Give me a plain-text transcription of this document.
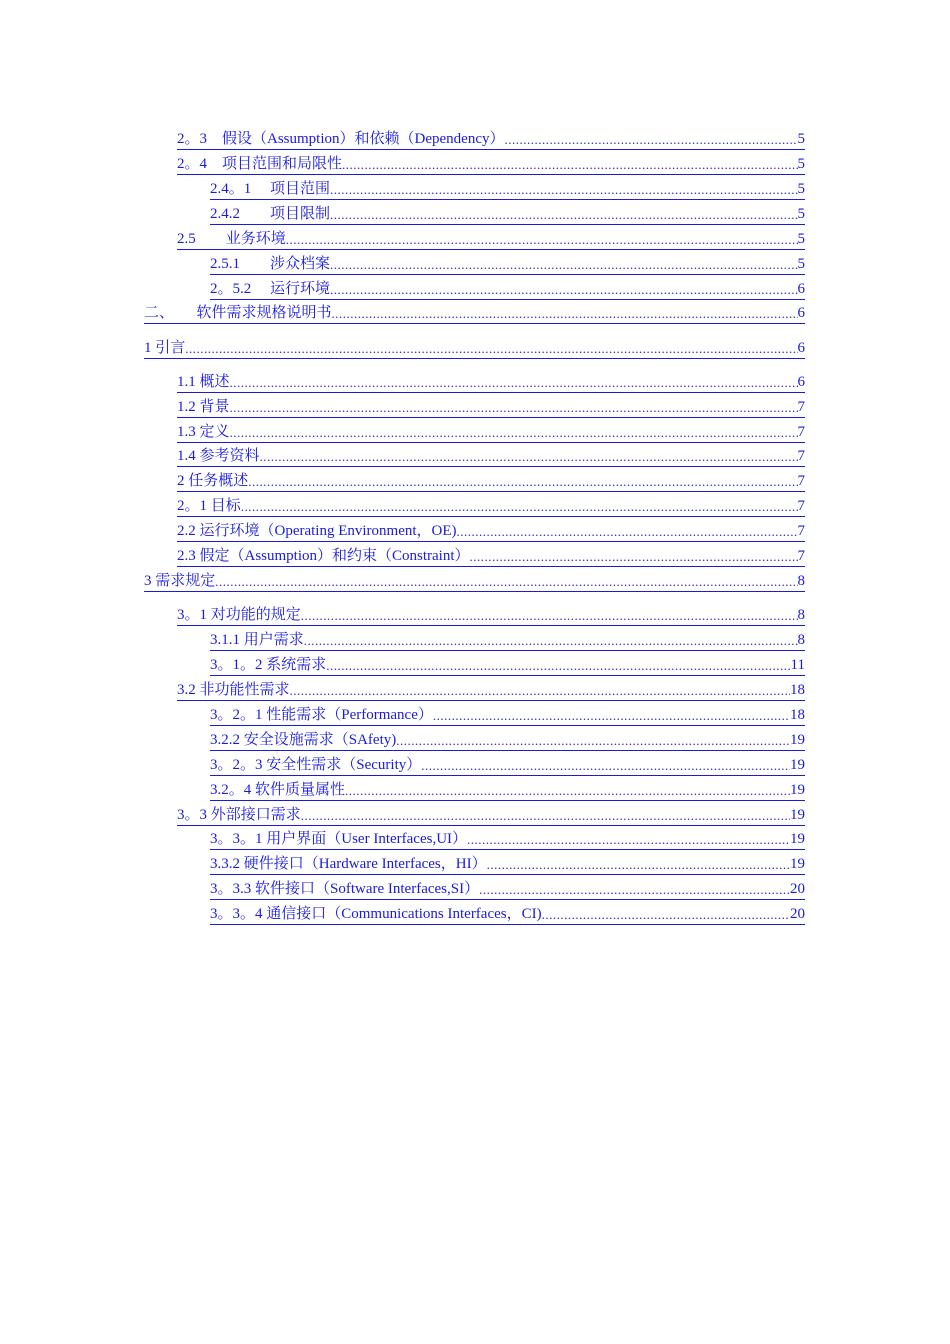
2。3　假设（Assumption）和依赖（Dependency） .....	5
2。4　项目范围和局限性 .....	5
2.4。1　 项目范围 .....	5
2.4.2　　项目限制 .....	5
2.5　　业务环境 .....	5
2.5.1　　涉众档案 .....	5
2。5.2　 运行环境 .....	6
二、　　软件需求规格说明书 .....	6
1 引言 .....	6
1.1 概述 .....	6
1.2 背景 .....	7
1.3 定义 .....	7
1.4 参考资料 .....	7
2 任务概述 .....	7
2。1 目标 .....	7
2.2 运行环境（Operating Environment，OE) .....	7
2.3 假定（Assumption）和约束（Constraint） .....	7
3 需求规定 .....	8
3。1 对功能的规定 .....	8
3.1.1 用户需求 .....	8
3。1。2 系统需求 .....	11
3.2 非功能性需求 .....	18
3。2。1 性能需求（Performance） .....	18
3.2.2 安全设施需求（SAfety) .....	19
3。2。3 安全性需求（Security） .....	19
3.2。4 软件质量属性 .....	19
3。3 外部接口需求 .....	19
3。3。1 用户界面（User Interfaces,UI） .....	19
3.3.2 硬件接口（Hardware Interfaces，HI） .....	19
3。3.3 软件接口（Software Interfaces,SI） .....	20
3。3。4 通信接口（Communications Interfaces，CI) .....	20
